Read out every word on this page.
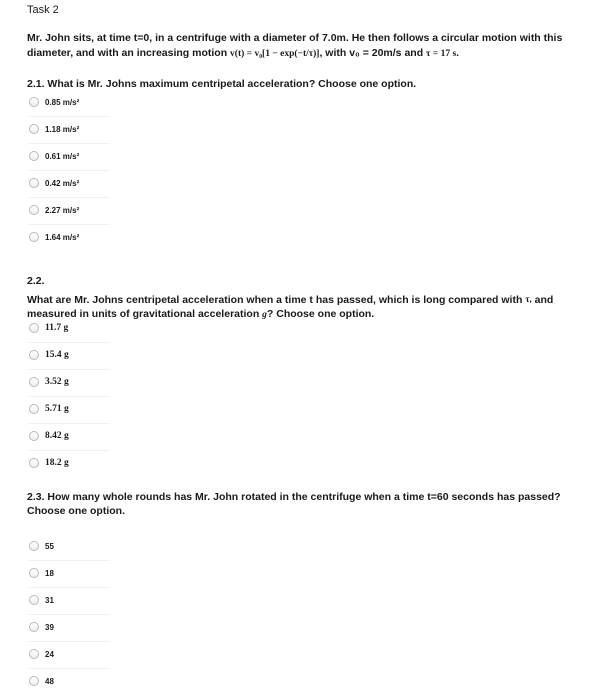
Task 2
Mr. John sits, at time t=0, in a centrifuge with a diameter of 7.0m. He then follows a circular motion with this diameter, and with an increasing motion v(t) = v₀[1 − exp(−t/τ)], with v₀ = 20m/s and τ = 17 s.
2.1. What is Mr. Johns maximum centripetal acceleration? Choose one option.
0.85 m/s²
1.18 m/s²
0.61 m/s²
0.42 m/s²
2.27 m/s²
1.64 m/s²
2.2.
What are Mr. Johns centripetal acceleration when a time t has passed, which is long compared with τ, and measured in units of gravitational acceleration g? Choose one option.
11.7 g
15.4 g
3.52 g
5.71 g
8.42 g
18.2 g
2.3. How many whole rounds has Mr. John rotated in the centrifuge when a time t=60 seconds has passed? Choose one option.
55
18
31
39
24
48
